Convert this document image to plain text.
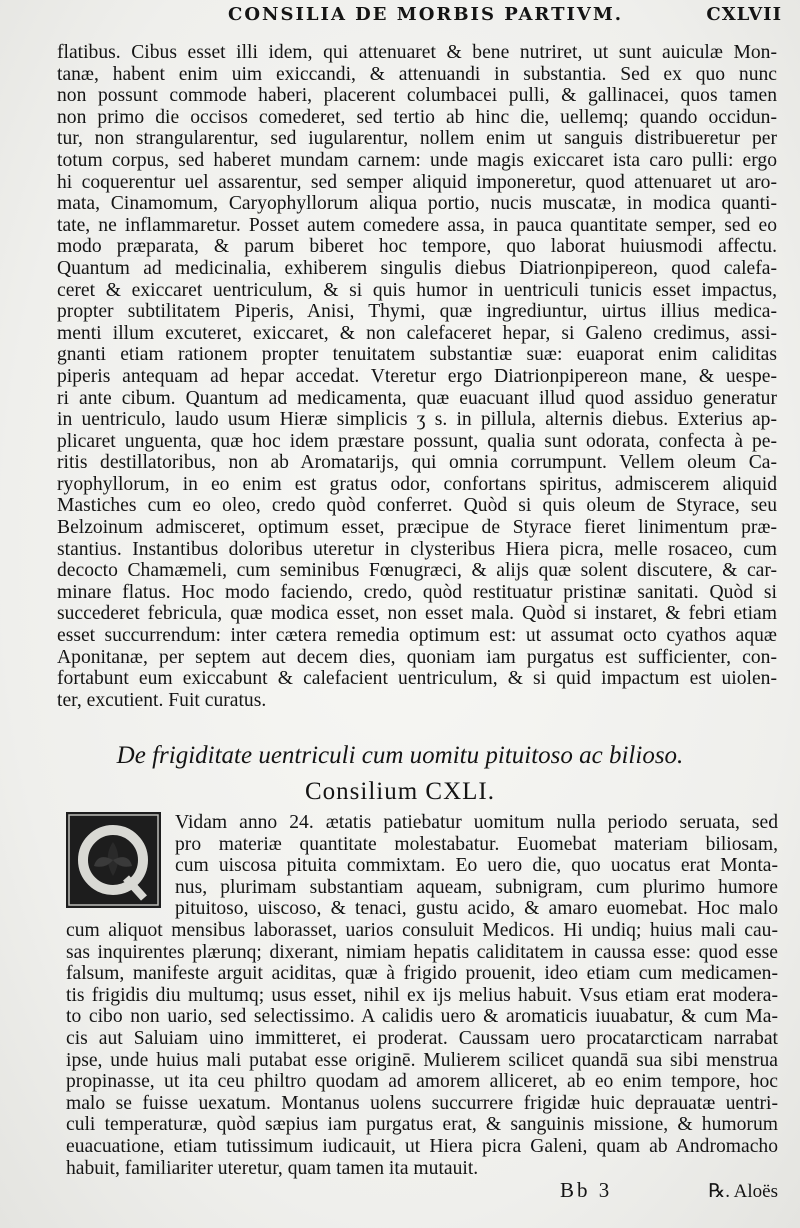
CONSILIA DE MORBIS PARTIVM.	CXLVII
flatibus. Cibus esset illi idem, qui attenuaret & bene nutriret, ut sunt auiculæ Mon-
tanæ, habent enim uim exiccandi, & attenuandi in substantia. Sed ex quo nunc
non possunt commode haberi, placerent columbacei pulli, & gallinacei, quos tamen
non primo die occisos comederet, sed tertio ab hinc die, uellemq; quando occidun-
tur, non strangularentur, sed iugularentur, nollem enim ut sanguis distribueretur per
totum corpus, sed haberet mundam carnem: unde magis exiccaret ista caro pulli: ergo
hi coquerentur uel assarentur, sed semper aliquid imponeretur, quod attenuaret ut aro-
mata, Cinamomum, Caryophyllorum aliqua portio, nucis muscatæ, in modica quanti-
tate, ne inflammaretur. Posset autem comedere assa, in pauca quantitate semper, sed eo
modo præparata, & parum biberet hoc tempore, quo laborat huiusmodi affectu.
Quantum ad medicinalia, exhiberem singulis diebus Diatrionpipereon, quod calefa-
ceret & exiccaret uentriculum, & si quis humor in uentriculi tunicis esset impactus,
propter subtilitatem Piperis, Anisi, Thymi, quæ ingrediuntur, uirtus illius medica-
menti illum excuteret, exiccaret, & non calefaceret hepar, si Galeno credimus, assi-
gnanti etiam rationem propter tenuitatem substantiæ suæ: euaporat enim caliditas
piperis antequam ad hepar accedat. Vteretur ergo Diatrionpipereon mane, & uespe-
ri ante cibum. Quantum ad medicamenta, quæ euacuant illud quod assiduo generatur
in uentriculo, laudo usum Hieræ simplicis ʒ s. in pillula, alternis diebus. Exterius ap-
plicaret unguenta, quæ hoc idem præstare possunt, qualia sunt odorata, confecta à pe-
ritis destillatoribus, non ab Aromatarijs, qui omnia corrumpunt. Vellem oleum Ca-
ryophyllorum, in eo enim est gratus odor, confortans spiritus, admiscerem aliquid
Mastiches cum eo oleo, credo quòd conferret. Quòd si quis oleum de Styrace, seu
Belzoinum admisceret, optimum esset, præcipue de Styrace fieret linimentum præ-
stantius. Instantibus doloribus uteretur in clysteribus Hiera picra, melle rosaceo, cum
decocto Chamæmeli, cum seminibus Fœnugræci, & alijs quæ solent discutere, & car-
minare flatus. Hoc modo faciendo, credo, quòd restituatur pristinæ sanitati. Quòd si
succederet febricula, quæ modica esset, non esset mala. Quòd si instaret, & febri etiam
esset succurrendum: inter cætera remedia optimum est: ut assumat octo cyathos aquæ
Aponitanæ, per septem aut decem dies, quoniam iam purgatus est sufficienter, con-
fortabunt eum exiccabunt & calefacient uentriculum, & si quid impactum est uiolen-
ter, excutient. Fuit curatus.
De frigiditate uentriculi cum uomitu pituitoso ac bilioso.
Consilium CXLI.
Vidam anno 24. ætatis patiebatur uomitum nulla periodo seruata, sed
pro materiæ quantitate molestabatur. Euomebat materiam biliosam,
cum uiscosa pituita commixtam. Eo uero die, quo uocatus erat Monta-
nus, plurimam substantiam aqueam, subnigram, cum plurimo humore
pituitoso, uiscoso, & tenaci, gustu acido, & amaro euomebat. Hoc malo
cum aliquot mensibus laborasset, uarios consuluit Medicos. Hi undiq; huius mali cau-
sas inquirentes plærunq; dixerant, nimiam hepatis caliditatem in caussa esse: quod esse
falsum, manifeste arguit aciditas, quæ à frigido prouenit, ideo etiam cum medicamen-
tis frigidis diu multumq; usus esset, nihil ex ijs melius habuit. Vsus etiam erat modera-
to cibo non uario, sed selectissimo. A calidis uero & aromaticis iuuabatur, & cum Ma-
cis aut Saluiam uino immitteret, ei proderat. Caussam uero procatarcticam narrabat
ipse, unde huius mali putabat esse originē. Mulierem scilicet quandā sua sibi menstrua
propinasse, ut ita ceu philtro quodam ad amorem alliceret, ab eo enim tempore, hoc
malo se fuisse uexatum. Montanus uolens succurrere frigidæ huic deprauatæ uentri-
culi temperaturæ, quòd sæpius iam purgatus erat, & sanguinis missione, & humorum
euacuatione, etiam tutissimum iudicauit, ut Hiera picra Galeni, quam ab Andromacho
habuit, familiariter uteretur, quam tamen ita mutauit.
Bb 3	℞. Aloës
